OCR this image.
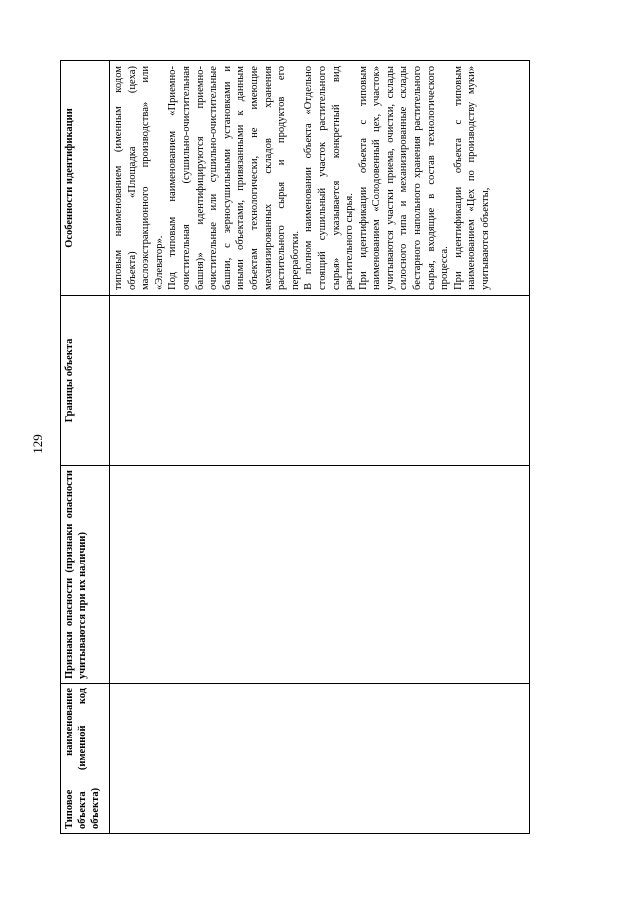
129
Типовое наименование объекта (именной код объекта)	Признаки опасности (признаки опасности учитываются при их наличии)	Границы объекта	Особенности идентификации

			типовым наименованием (именным кодом объекта) «Площадка (цеха) маслоэкстракционного производства» или «Элеватор». Под типовым наименованием «Приемно-очистительная (сушильно-очистительная башня)» идентифицируются приемно-очистительные или сушильно-очистительные башни, с зерносушильными установками и иными объектами, привязанными к данным объектам технологически, не имеющие механизированных складов хранения растительного сырья и продуктов его переработки. В полном наименовании объекта «Отдельно стоящий сушильный участок растительного сырья» указывается конкретный вид растительного сырья. При идентификации объекта с типовым наименованием «Солодовенный цех, участок» учитываются участки приема, очистки, склады силосного типа и механизированные склады бестарного напольного хранения растительного сырья, входящие в состав технологического процесса. При идентификации объекта с типовым наименованием «Цех по производству муки» учитываются объекты,
